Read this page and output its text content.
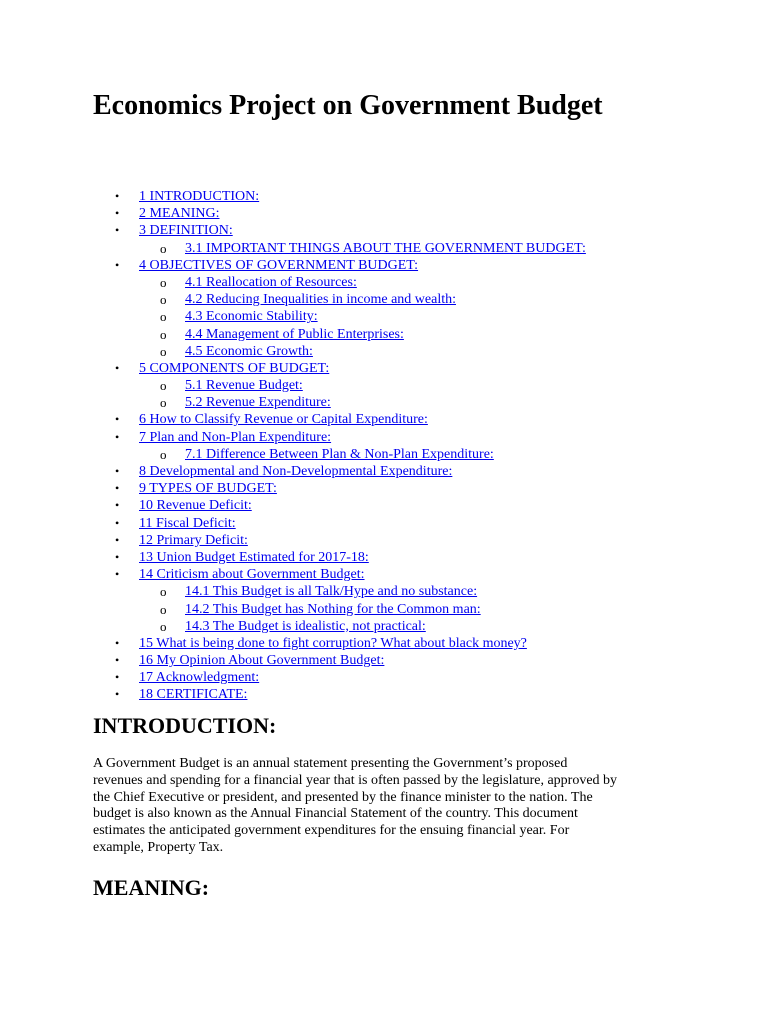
Economics Project on Government Budget
• 1 INTRODUCTION:
• 2 MEANING:
• 3 DEFINITION:
o 3.1 IMPORTANT THINGS ABOUT THE GOVERNMENT BUDGET:
• 4 OBJECTIVES OF GOVERNMENT BUDGET:
o 4.1 Reallocation of Resources:
o 4.2 Reducing Inequalities in income and wealth:
o 4.3 Economic Stability:
o 4.4 Management of Public Enterprises:
o 4.5 Economic Growth:
• 5 COMPONENTS OF BUDGET:
o 5.1 Revenue Budget:
o 5.2 Revenue Expenditure:
• 6 How to Classify Revenue or Capital Expenditure:
• 7 Plan and Non-Plan Expenditure:
o 7.1 Difference Between Plan & Non-Plan Expenditure:
• 8 Developmental and Non-Developmental Expenditure:
• 9 TYPES OF BUDGET:
• 10 Revenue Deficit:
• 11 Fiscal Deficit:
• 12 Primary Deficit:
• 13 Union Budget Estimated for 2017-18:
• 14 Criticism about Government Budget:
o 14.1 This Budget is all Talk/Hype and no substance:
o 14.2 This Budget has Nothing for the Common man:
o 14.3 The Budget is idealistic, not practical:
• 15 What is being done to fight corruption? What about black money?
• 16 My Opinion About Government Budget:
• 17 Acknowledgment:
• 18 CERTIFICATE:
INTRODUCTION:

A Government Budget is an annual statement presenting the Government’s proposed
revenues and spending for a financial year that is often passed by the legislature, approved by
the Chief Executive or president, and presented by the finance minister to the nation. The
budget is also known as the Annual Financial Statement of the country. This document
estimates the anticipated government expenditures for the ensuing financial year. For
example, Property Tax.

MEANING:
